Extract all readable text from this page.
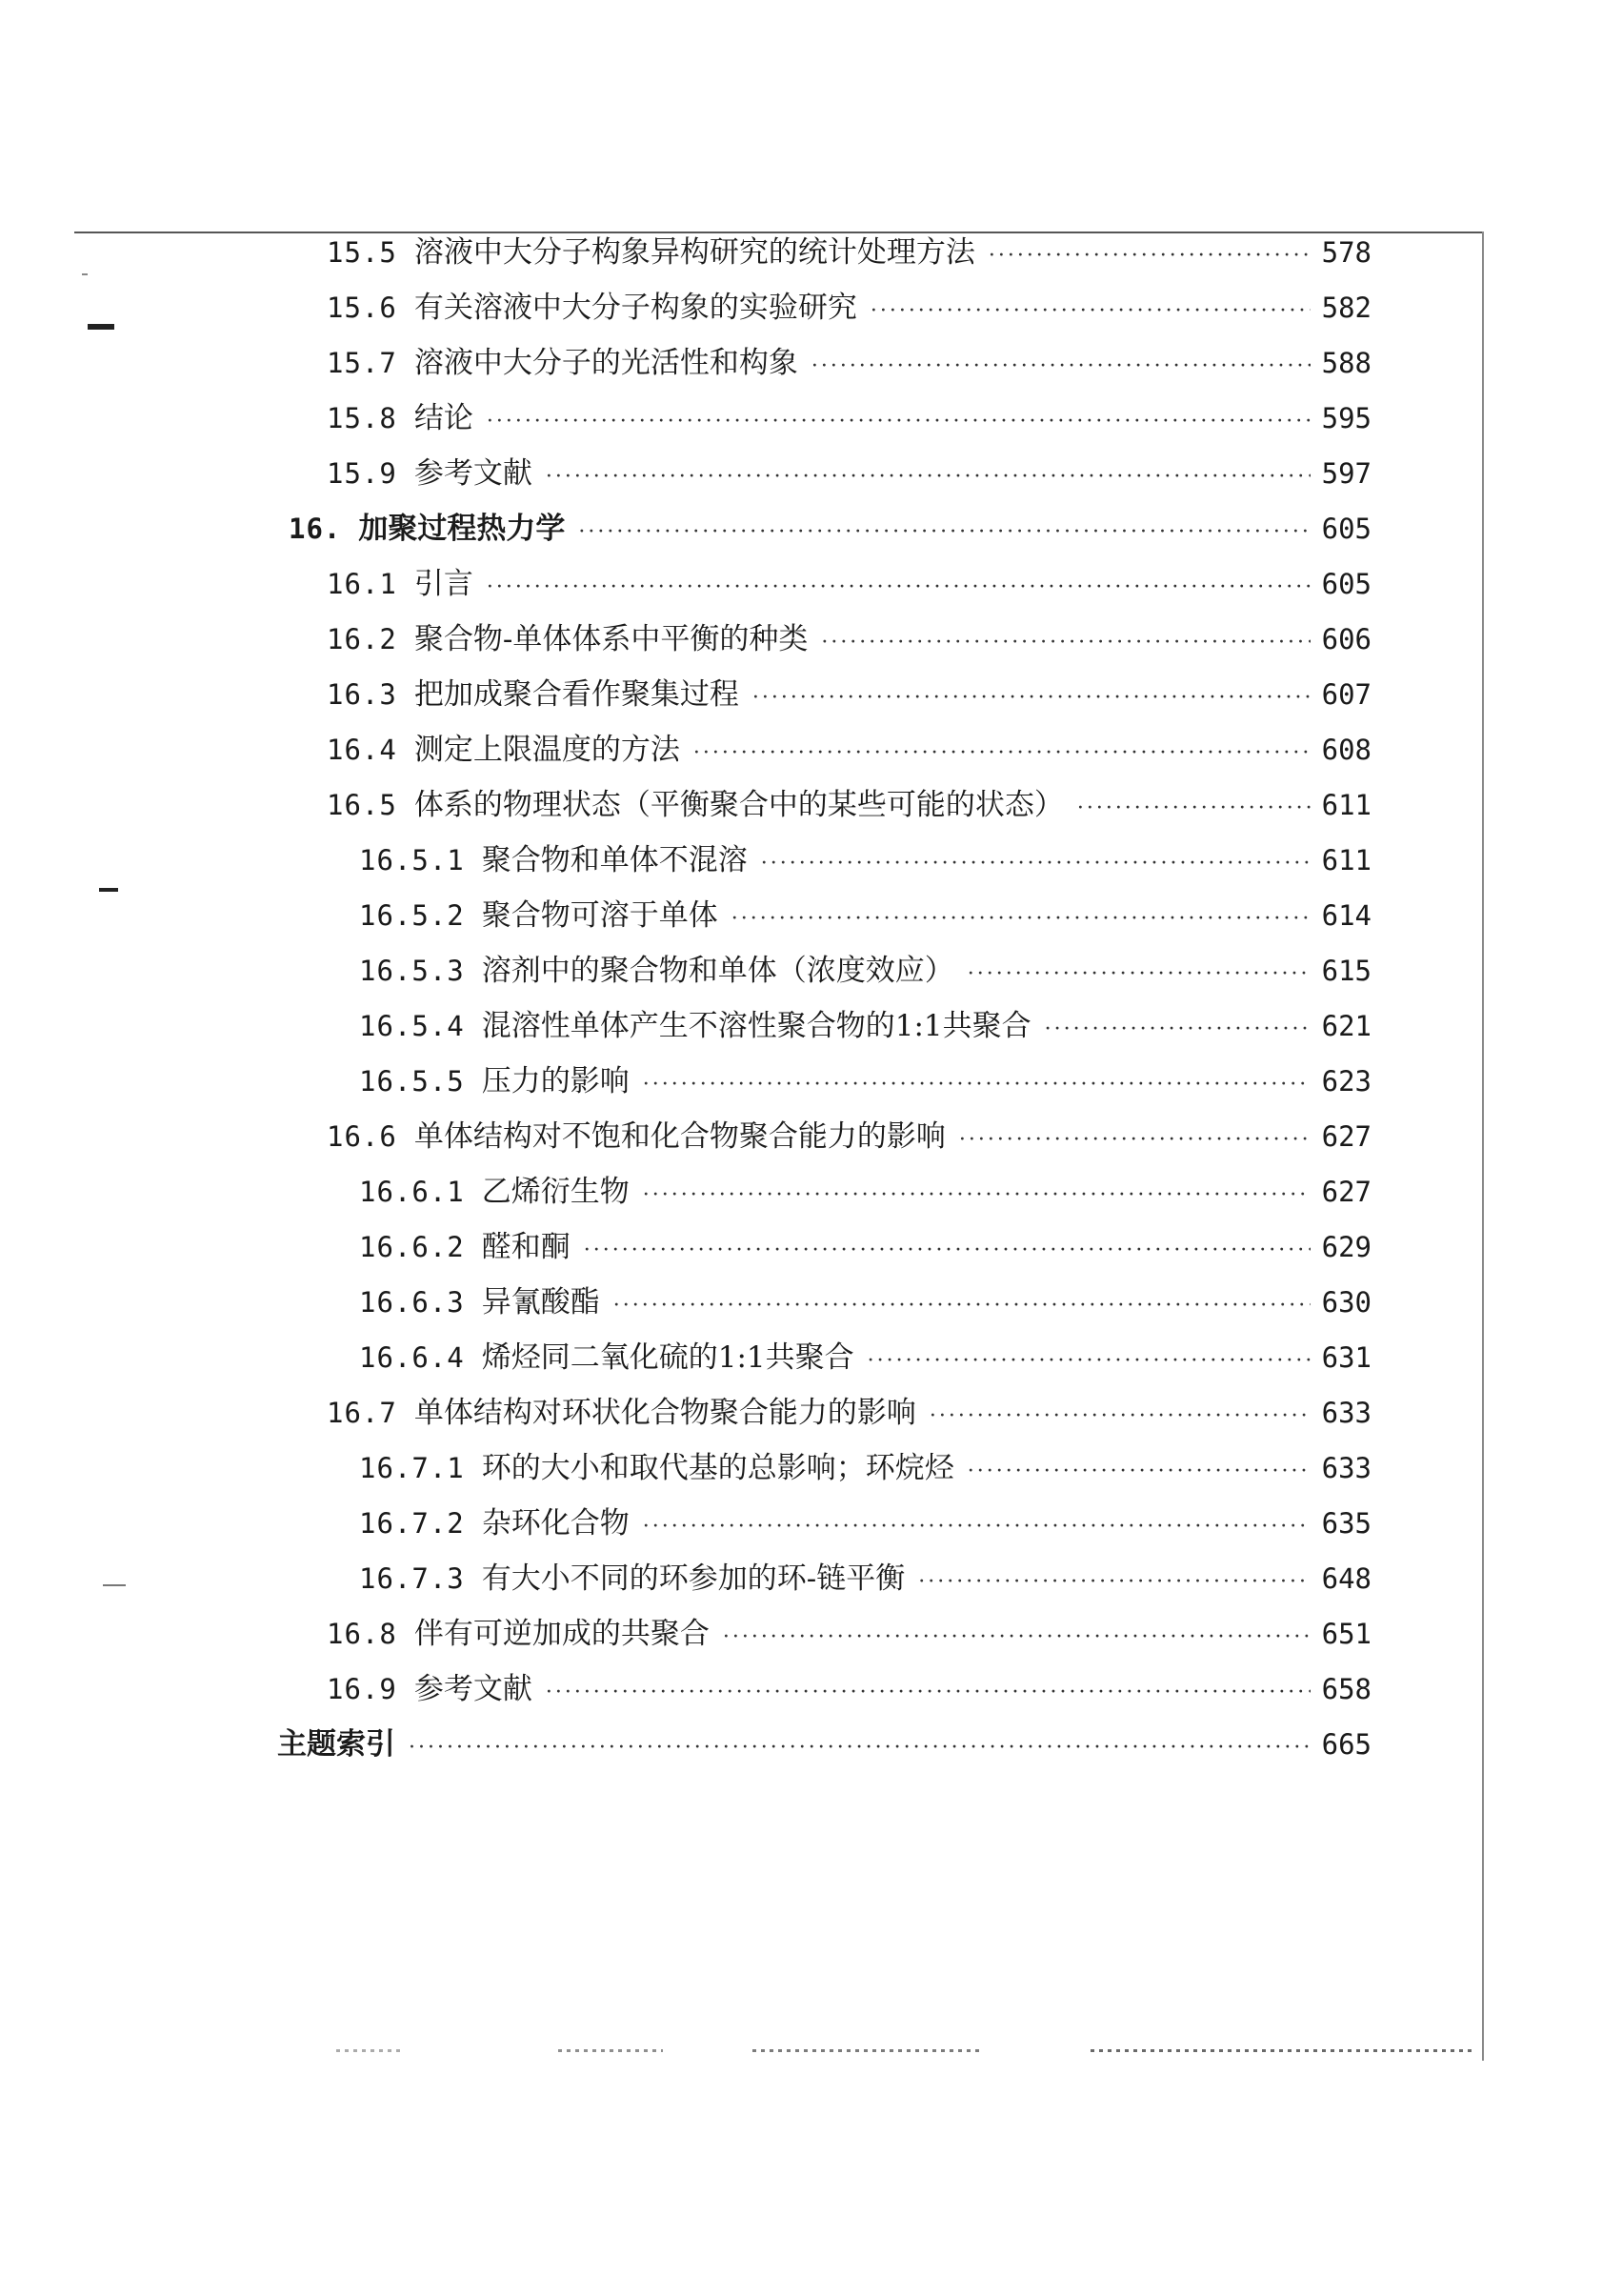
15.5 溶液中大分子构象异构研究的统计处理方法 ·····	578
15.6 有关溶液中大分子构象的实验研究 ·····	582
15.7 溶液中大分子的光活性和构象 ·····	588
15.8 结论 ·····	595
15.9 参考文献 ·····	597
16. 加聚过程热力学 ·····	605
16.1 引言 ·····	605
16.2 聚合物-单体体系中平衡的种类 ·····	606
16.3 把加成聚合看作聚集过程 ·····	607
16.4 测定上限温度的方法 ·····	608
16.5 体系的物理状态（平衡聚合中的某些可能的状态） ·····	611
16.5.1 聚合物和单体不混溶 ·····	611
16.5.2 聚合物可溶于单体 ·····	614
16.5.3 溶剂中的聚合物和单体（浓度效应） ·····	615
16.5.4 混溶性单体产生不溶性聚合物的1:1共聚合 ·····	621
16.5.5 压力的影响 ·····	623
16.6 单体结构对不饱和化合物聚合能力的影响 ·····	627
16.6.1 乙烯衍生物 ·····	627
16.6.2 醛和酮 ·····	629
16.6.3 异氰酸酯 ·····	630
16.6.4 烯烃同二氧化硫的1:1共聚合 ·····	631
16.7 单体结构对环状化合物聚合能力的影响 ·····	633
16.7.1 环的大小和取代基的总影响；环烷烃 ·····	633
16.7.2 杂环化合物 ·····	635
16.7.3 有大小不同的环参加的环-链平衡 ·····	648
16.8 伴有可逆加成的共聚合 ·····	651
16.9 参考文献 ·····	658
主题索引 ·····	665
